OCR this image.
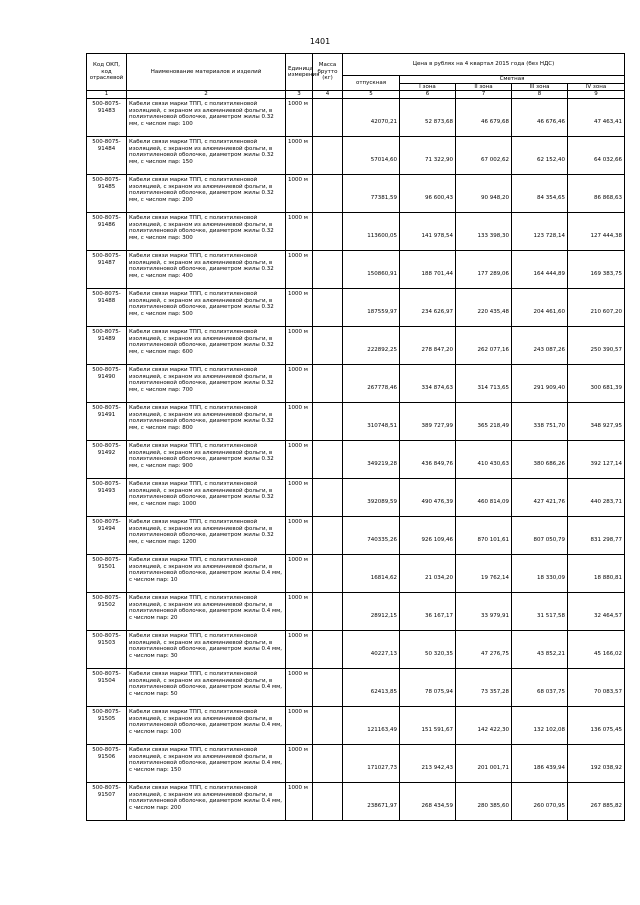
1401
Код ОКП, код отраслевой	Наименование материалов и изделий	Единица измерения	Масса брутто (кг)	Цена в рублях на 4 квартал 2015 года (без НДС)				
				отпускная	Сметная			
					I зона	II зона	III зона	IV зона
1	2	3	4	5	6	7	8	9
500-8075-91483	Кабели связи марки ТПП, с полиэтиленовой изоляцией, с экраном из алюминиевой фольги, в полиэтиленовой оболочке, диаметром жилы 0.32 мм, с числом пар: 100	1000 м		42070,21	52 873,68	46 679,68	46 676,46	47 463,41
500-8075-91484	Кабели связи марки ТПП, с полиэтиленовой изоляцией, с экраном из алюминиевой фольги, в полиэтиленовой оболочке, диаметром жилы 0.32 мм, с числом пар: 150	1000 м		57014,60	71 322,90	67 002,62	62 152,40	64 032,66
500-8075-91485	Кабели связи марки ТПП, с полиэтиленовой изоляцией, с экраном из алюминиевой фольги, в полиэтиленовой оболочке, диаметром жилы 0.32 мм, с числом пар: 200	1000 м		77381,59	96 600,43	90 948,20	84 354,65	86 868,63
500-8075-91486	Кабели связи марки ТПП, с полиэтиленовой изоляцией, с экраном из алюминиевой фольги, в полиэтиленовой оболочке, диаметром жилы 0.32 мм, с числом пар: 300	1000 м		113600,05	141 978,54	133 398,30	123 728,14	127 444,38
500-8075-91487	Кабели связи марки ТПП, с полиэтиленовой изоляцией, с экраном из алюминиевой фольги, в полиэтиленовой оболочке, диаметром жилы 0.32 мм, с числом пар: 400	1000 м		150860,91	188 701,44	177 289,06	164 444,89	169 383,75
500-8075-91488	Кабели связи марки ТПП, с полиэтиленовой изоляцией, с экраном из алюминиевой фольги, в полиэтиленовой оболочке, диаметром жилы 0.32 мм, с числом пар: 500	1000 м		187559,97	234 626,97	220 435,48	204 461,60	210 607,20
500-8075-91489	Кабели связи марки ТПП, с полиэтиленовой изоляцией, с экраном из алюминиевой фольги, в полиэтиленовой оболочке, диаметром жилы 0.32 мм, с числом пар: 600	1000 м		222892,25	278 847,20	262 077,16	243 087,26	250 390,57
500-8075-91490	Кабели связи марки ТПП, с полиэтиленовой изоляцией, с экраном из алюминиевой фольги, в полиэтиленовой оболочке, диаметром жилы 0.32 мм, с числом пар: 700	1000 м		267778,46	334 874,63	314 713,65	291 909,40	300 681,39
500-8075-91491	Кабели связи марки ТПП, с полиэтиленовой изоляцией, с экраном из алюминиевой фольги, в полиэтиленовой оболочке, диаметром жилы 0.32 мм, с числом пар: 800	1000 м		310748,51	389 727,99	365 218,49	338 751,70	348 927,95
500-8075-91492	Кабели связи марки ТПП, с полиэтиленовой изоляцией, с экраном из алюминиевой фольги, в полиэтиленовой оболочке, диаметром жилы 0.32 мм, с числом пар: 900	1000 м		349219,28	436 849,76	410 430,63	380 686,26	392 127,14
500-8075-91493	Кабели связи марки ТПП, с полиэтиленовой изоляцией, с экраном из алюминиевой фольги, в полиэтиленовой оболочке, диаметром жилы 0.32 мм, с числом пар: 1000	1000 м		392089,59	490 476,39	460 814,09	427 421,76	440 283,71
500-8075-91494	Кабели связи марки ТПП, с полиэтиленовой изоляцией, с экраном из алюминиевой фольги, в полиэтиленовой оболочке, диаметром жилы 0.32 мм, с числом пар: 1200	1000 м		740335,26	926 109,46	870 101,61	807 050,79	831 298,77
500-8075-91501	Кабели связи марки ТПП, с полиэтиленовой изоляцией, с экраном из алюминиевой фольги, в полиэтиленовой оболочке, диаметром жилы 0.4 мм, с числом пар: 10	1000 м		16814,62	21 034,20	19 762,14	18 330,09	18 880,81
500-8075-91502	Кабели связи марки ТПП, с полиэтиленовой изоляцией, с экраном из алюминиевой фольги, в полиэтиленовой оболочке, диаметром жилы 0.4 мм, с числом пар: 20	1000 м		28912,15	36 167,17	33 979,91	31 517,58	32 464,57
500-8075-91503	Кабели связи марки ТПП, с полиэтиленовой изоляцией, с экраном из алюминиевой фольги, в полиэтиленовой оболочке, диаметром жилы 0.4 мм, с числом пар: 30	1000 м		40227,13	50 320,35	47 276,75	43 852,21	45 166,02
500-8075-91504	Кабели связи марки ТПП, с полиэтиленовой изоляцией, с экраном из алюминиевой фольги, в полиэтиленовой оболочке, диаметром жилы 0.4 мм, с числом пар: 50	1000 м		62413,85	78 075,94	73 357,28	68 037,75	70 083,57
500-8075-91505	Кабели связи марки ТПП, с полиэтиленовой изоляцией, с экраном из алюминиевой фольги, в полиэтиленовой оболочке, диаметром жилы 0.4 мм, с числом пар: 100	1000 м		121163,49	151 591,67	142 422,30	132 102,08	136 075,45
500-8075-91506	Кабели связи марки ТПП, с полиэтиленовой изоляцией, с экраном из алюминиевой фольги, в полиэтиленовой оболочке, диаметром жилы 0.4 мм, с числом пар: 150	1000 м		171027,73	213 942,43	201 001,71	186 439,94	192 038,92
500-8075-91507	Кабели связи марки ТПП, с полиэтиленовой изоляцией, с экраном из алюминиевой фольги, в полиэтиленовой оболочке, диаметром жилы 0.4 мм, с числом пар: 200	1000 м		238671,97	268 434,59	280 385,60	260 070,95	267 885,82
